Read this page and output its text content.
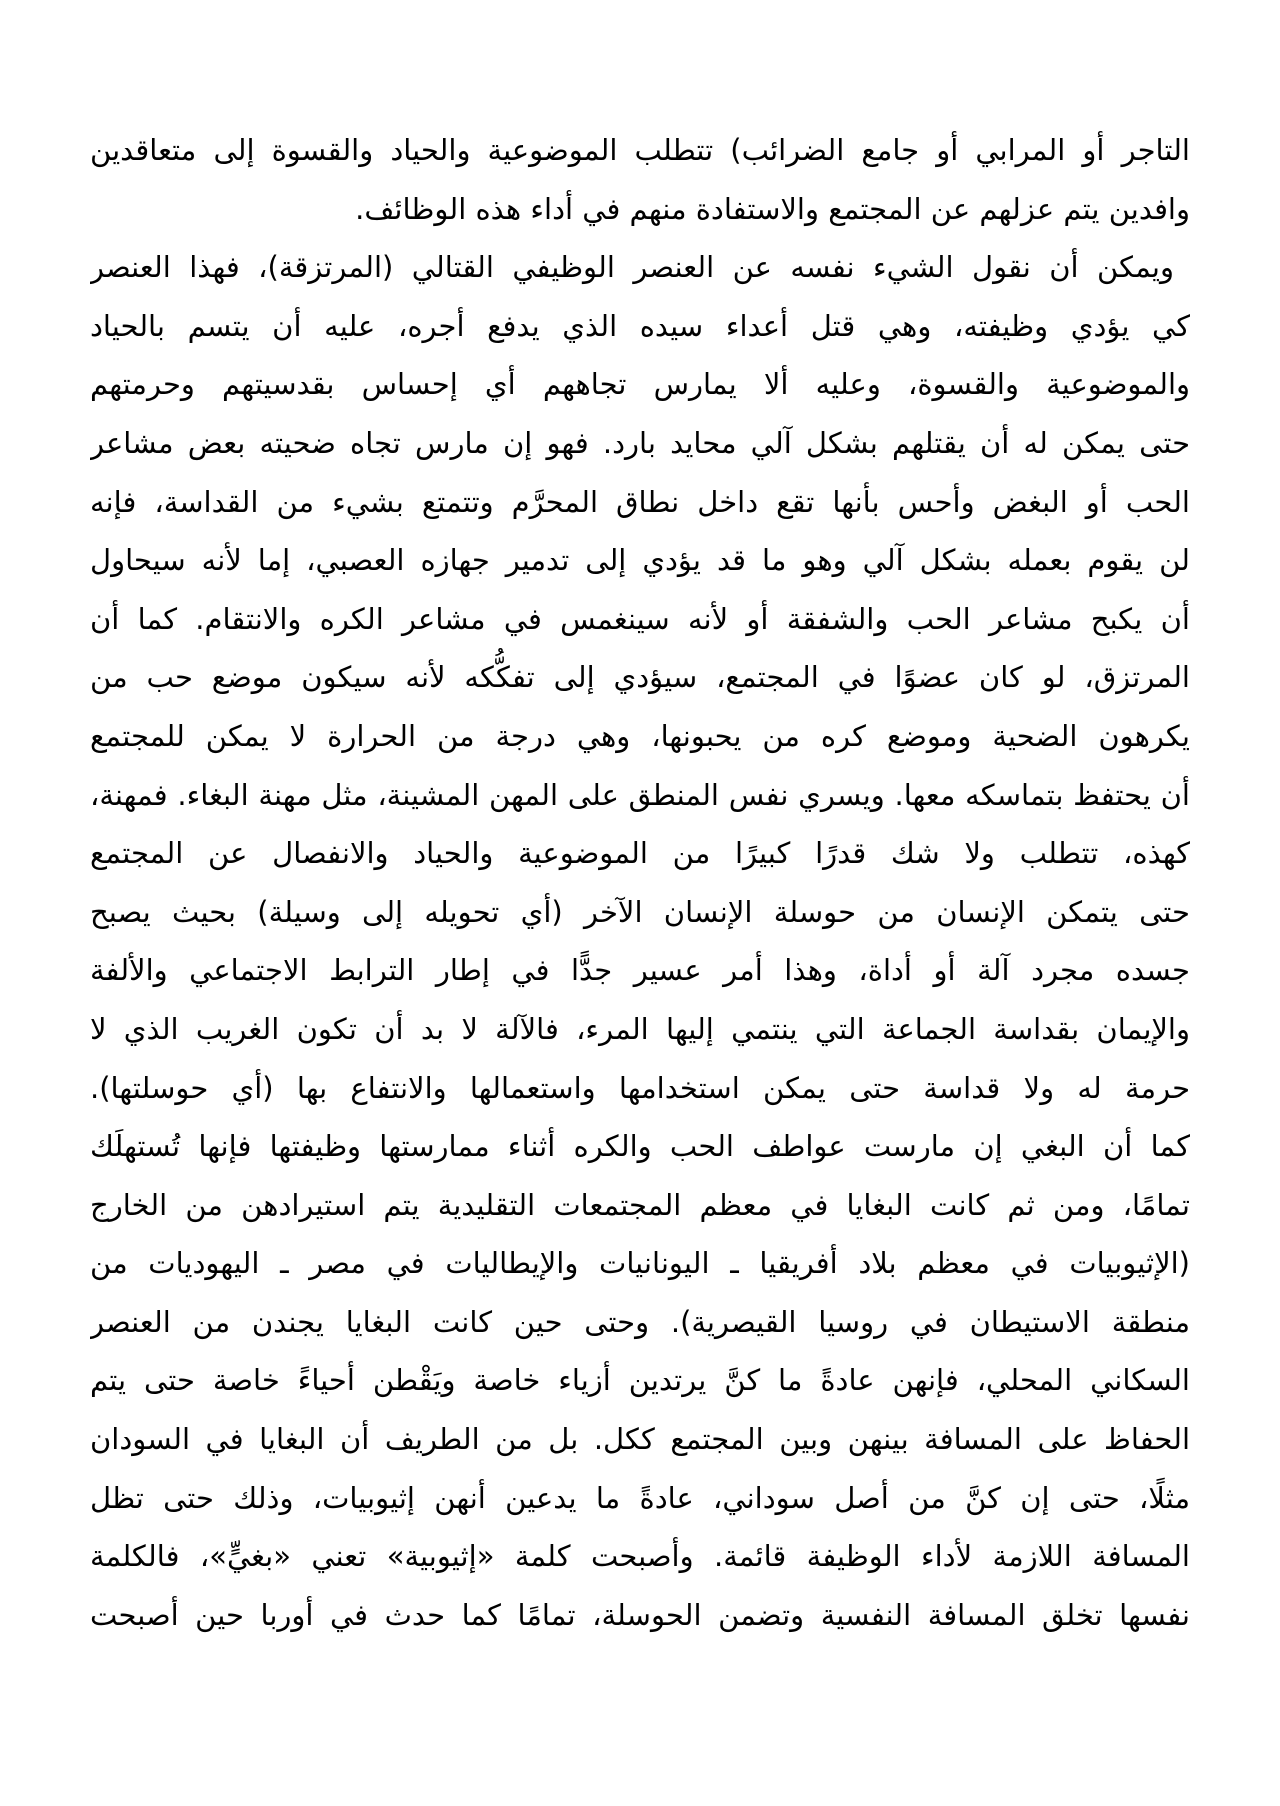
التاجر أو المرابي أو جامع الضرائب) تتطلب الموضوعية والحياد والقسوة إلى متعاقدين
وافدين يتم عزلهم عن المجتمع والاستفادة منهم في أداء هذه الوظائف.
ويمكن أن نقول الشيء نفسه عن العنصر الوظيفي القتالي (المرتزقة)، فهذا العنصر
كي يؤدي وظيفته، وهي قتل أعداء سيده الذي يدفع أجره، عليه أن يتسم بالحياد
والموضوعية والقسوة، وعليه ألا يمارس تجاههم أي إحساس بقدسيتهم وحرمتهم
حتى يمكن له أن يقتلهم بشكل آلي محايد بارد. فهو إن مارس تجاه ضحيته بعض مشاعر
الحب أو البغض وأحس بأنها تقع داخل نطاق المحرَّم وتتمتع بشيء من القداسة، فإنه
لن يقوم بعمله بشكل آلي وهو ما قد يؤدي إلى تدمير جهازه العصبي، إما لأنه سيحاول
أن يكبح مشاعر الحب والشفقة أو لأنه سينغمس في مشاعر الكره والانتقام. كما أن
المرتزق، لو كان عضوًا في المجتمع، سيؤدي إلى تفكُّكه لأنه سيكون موضع حب من
يكرهون الضحية وموضع كره من يحبونها، وهي درجة من الحرارة لا يمكن للمجتمع
أن يحتفظ بتماسكه معها. ويسري نفس المنطق على المهن المشينة، مثل مهنة البغاء. فمهنة،
كهذه، تتطلب ولا شك قدرًا كبيرًا من الموضوعية والحياد والانفصال عن المجتمع
حتى يتمكن الإنسان من حوسلة الإنسان الآخر (أي تحويله إلى وسيلة) بحيث يصبح
جسده مجرد آلة أو أداة، وهذا أمر عسير جدًّا في إطار الترابط الاجتماعي والألفة
والإيمان بقداسة الجماعة التي ينتمي إليها المرء، فالآلة لا بد أن تكون الغريب الذي لا
حرمة له ولا قداسة حتى يمكن استخدامها واستعمالها والانتفاع بها (أي حوسلتها).
كما أن البغي إن مارست عواطف الحب والكره أثناء ممارستها وظيفتها فإنها تُستهلَك
تمامًا، ومن ثم كانت البغايا في معظم المجتمعات التقليدية يتم استيرادهن من الخارج
(الإثيوبيات في معظم بلاد أفريقيا ـ اليونانيات والإيطاليات في مصر ـ اليهوديات من
منطقة الاستيطان في روسيا القيصرية). وحتى حين كانت البغايا يجندن من العنصر
السكاني المحلي، فإنهن عادةً ما كنَّ يرتدين أزياء خاصة ويَقْطن أحياءً خاصة حتى يتم
الحفاظ على المسافة بينهن وبين المجتمع ككل. بل من الطريف أن البغايا في السودان
مثلًا، حتى إن كنَّ من أصل سوداني، عادةً ما يدعين أنهن إثيوبيات، وذلك حتى تظل
المسافة اللازمة لأداء الوظيفة قائمة. وأصبحت كلمة «إثيوبية» تعني «بغيٍّ»، فالكلمة
نفسها تخلق المسافة النفسية وتضمن الحوسلة، تمامًا كما حدث في أوربا حين أصبحت
